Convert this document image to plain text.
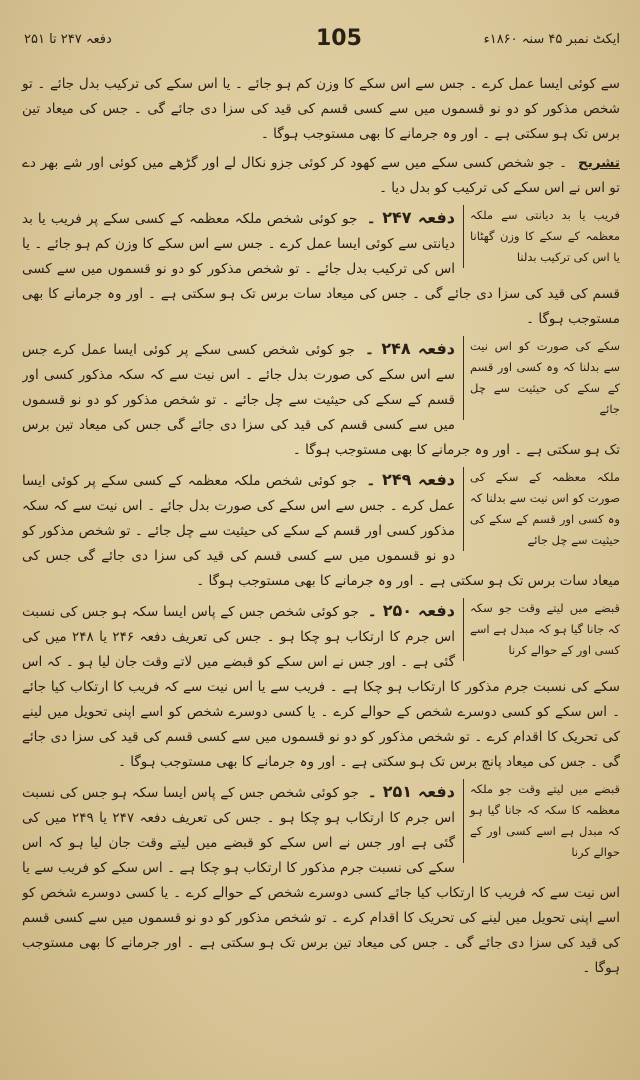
دفعہ ۲۴۷ تا ۲۵۱	105	ایکٹ نمبر ۴۵ سنہ ۱۸۶۰ء

سے کوئی ایسا عمل کرے ۔ جس سے اس سکے کا وزن کم ہو جائے ۔ یا اس سکے کی ترکیب بدل جائے ۔ تو شخص مذکور کو دو نو قسموں میں سے کسی قسم کی قید کی سزا دی جائے گی ۔ جس کی میعاد تین برس تک ہو سکتی ہے ۔ اور وہ جرمانے کا بھی مستوجب ہوگا ۔

تشریح ۔ جو شخص کسی سکے میں سے کھود کر کوئی جزو نکال لے اور گڑھے میں کوئی اور شے بھر دے تو اس نے اس سکے کی ترکیب کو بدل دیا ۔

فریب یا بد دیانتی سے ملکہ معظمہ کے سکے کا وزن گھٹانا یا اس کی ترکیب بدلنا
دفعہ ۲۴۷ ۔ جو کوئی شخص ملکہ معظمہ کے کسی سکے پر فریب یا بد دیانتی سے کوئی ایسا عمل کرے ۔ جس سے اس سکے کا وزن کم ہو جائے ۔ یا اس کی ترکیب بدل جائے ۔ تو شخص مذکور کو دو نو قسموں میں سے کسی قسم کی قید کی سزا دی جائے گی ۔ جس کی میعاد سات برس تک ہو سکتی ہے ۔ اور وہ جرمانے کا بھی مستوجب ہوگا ۔
سکے کی صورت کو اس نیت سے بدلنا کہ وہ کسی اور قسم کے سکے کی حیثیت سے چل جائے
دفعہ ۲۴۸ ۔ جو کوئی شخص کسی سکے پر کوئی ایسا عمل کرے جس سے اس سکے کی صورت بدل جائے ۔ اس نیت سے کہ سکہ مذکور کسی اور قسم کے سکے کی حیثیت سے چل جائے ۔ تو شخص مذکور کو دو نو قسموں میں سے کسی قسم کی قید کی سزا دی جائے گی جس کی میعاد تین برس تک ہو سکتی ہے ۔ اور وہ جرمانے کا بھی مستوجب ہوگا ۔
ملکہ معظمہ کے سکے کی صورت کو اس نیت سے بدلنا کہ وہ کسی اور قسم کے سکے کی حیثیت سے چل جائے
دفعہ ۲۴۹ ۔ جو کوئی شخص ملکہ معظمہ کے کسی سکے پر کوئی ایسا عمل کرے ۔ جس سے اس سکے کی صورت بدل جائے ۔ اس نیت سے کہ سکہ مذکور کسی اور قسم کے سکے کی حیثیت سے چل جائے ۔ تو شخص مذکور کو دو نو قسموں میں سے کسی قسم کی قید کی سزا دی جائے گی جس کی میعاد سات برس تک ہو سکتی ہے ۔ اور وہ جرمانے کا بھی مستوجب ہوگا ۔
قبضے میں لیتے وقت جو سکہ کہ جانا گیا ہو کہ مبدل ہے اسے کسی اور کے حوالے کرنا
دفعہ ۲۵۰ ۔ جو کوئی شخص جس کے پاس ایسا سکہ ہو جس کی نسبت اس جرم کا ارتکاب ہو چکا ہو ۔ جس کی تعریف دفعہ ۲۴۶ یا ۲۴۸ میں کی گئی ہے ۔ اور جس نے اس سکے کو قبضے میں لاتے وقت جان لیا ہو ۔ کہ اس سکے کی نسبت جرم مذکور کا ارتکاب ہو چکا ہے ۔ فریب سے یا اس نیت سے کہ فریب کا ارتکاب کیا جائے ۔ اس سکے کو کسی دوسرے شخص کے حوالے کرے ۔ یا کسی دوسرے شخص کو اسے اپنی تحویل میں لینے کی تحریک کا اقدام کرے ۔ تو شخص مذکور کو دو نو قسموں میں سے کسی قسم کی قید کی سزا دی جائے گی ۔ جس کی میعاد پانچ برس تک ہو سکتی ہے ۔ اور وہ جرمانے کا بھی مستوجب ہوگا ۔
قبضے میں لیتے وقت جو ملکہ معظمہ کا سکہ کہ جانا گیا ہو کہ مبدل ہے اسے کسی اور کے حوالے کرنا
دفعہ ۲۵۱ ۔ جو کوئی شخص جس کے پاس ایسا سکہ ہو جس کی نسبت اس جرم کا ارتکاب ہو چکا ہو ۔ جس کی تعریف دفعہ ۲۴۷ یا ۲۴۹ میں کی گئی ہے اور جس نے اس سکے کو قبضے میں لیتے وقت جان لیا ہو کہ اس سکے کی نسبت جرم مذکور کا ارتکاب ہو چکا ہے ۔ اس سکے کو فریب سے یا اس نیت سے کہ فریب کا ارتکاب کیا جائے کسی دوسرے شخص کے حوالے کرے ۔ یا کسی دوسرے شخص کو اسے اپنی تحویل میں لینے کی تحریک کا اقدام کرے ۔ تو شخص مذکور کو دو نو قسموں میں سے کسی قسم کی قید کی سزا دی جائے گی ۔ جس کی میعاد تین برس تک ہو سکتی ہے ۔ اور جرمانے کا بھی مستوجب ہوگا ۔
